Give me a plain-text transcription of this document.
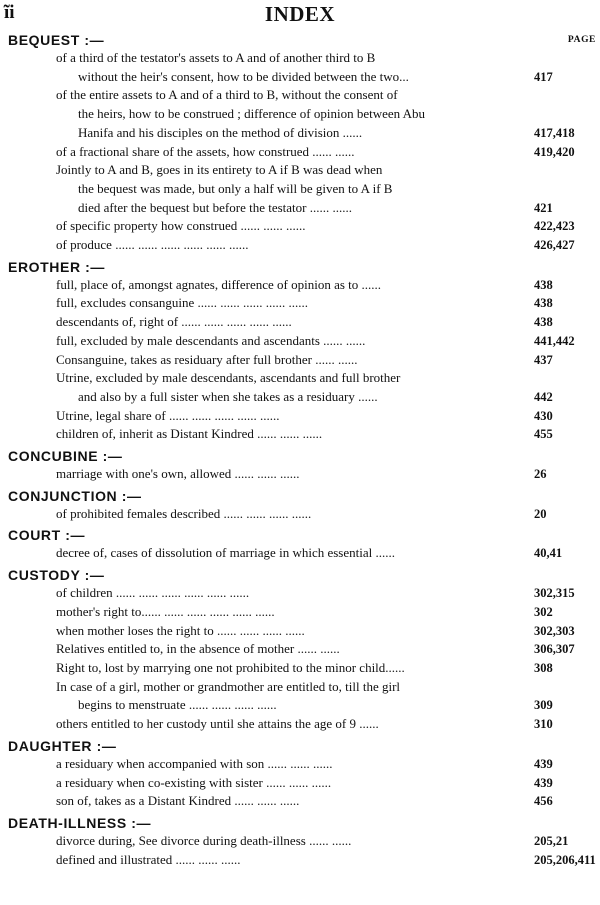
ĩi	INDEX
BEQUEST :—	PAGE
of a third of the testator's assets to A and of another third to B
without the heir's consent, how to be divided between the two...	417
of the entire assets to A and of a third to B, without the consent of
the heirs, how to be construed ; difference of opinion between Abu
Hanifa and his disciples on the method of division ......	417,418
of a fractional share of the assets, how construed ...... ......	419,420
Jointly to A and B, goes in its entirety to A if B was dead when
the bequest was made, but only a half will be given to A if B
died after the bequest but before the testator ...... ......	421
of specific property how construed ...... ...... ......	422,423
of produce ...... ...... ...... ...... ...... ......	426,427
EROTHER :—
full, place of, amongst agnates, difference of opinion as to ......	438
full, excludes consanguine ...... ...... ...... ...... ......	438
descendants of, right of ...... ...... ...... ...... ......	438
full, excluded by male descendants and ascendants ...... ......	441,442
Consanguine, takes as residuary after full brother ...... ......	437
Utrine, excluded by male descendants, ascendants and full brother
and also by a full sister when she takes as a residuary ......	442
Utrine, legal share of ...... ...... ...... ...... ......	430
children of, inherit as Distant Kindred ...... ...... ......	455
CONCUBINE :—
marriage with one's own, allowed ...... ...... ......	26
CONJUNCTION :—
of prohibited females described ...... ...... ...... ......	20
COURT :—
decree of, cases of dissolution of marriage in which essential ......	40,41
CUSTODY :—
of children ...... ...... ...... ...... ...... ......	302,315
mother's right to...... ...... ...... ...... ...... ......	302
when mother loses the right to ...... ...... ...... ......	302,303
Relatives entitled to, in the absence of mother ...... ......	306,307
Right to, lost by marrying one not prohibited to the minor child......	308
In case of a girl, mother or grandmother are entitled to, till the girl
begins to menstruate ...... ...... ...... ......	309
others entitled to her custody until she attains the age of 9 ......	310
DAUGHTER :—
a residuary when accompanied with son ...... ...... ......	439
a residuary when co-existing with sister ...... ...... ......	439
son of, takes as a Distant Kindred ...... ...... ......	456
DEATH-ILLNESS :—
divorce during, See divorce during death-illness ...... ......	205,21
defined and illustrated ...... ...... ......	205,206,411
